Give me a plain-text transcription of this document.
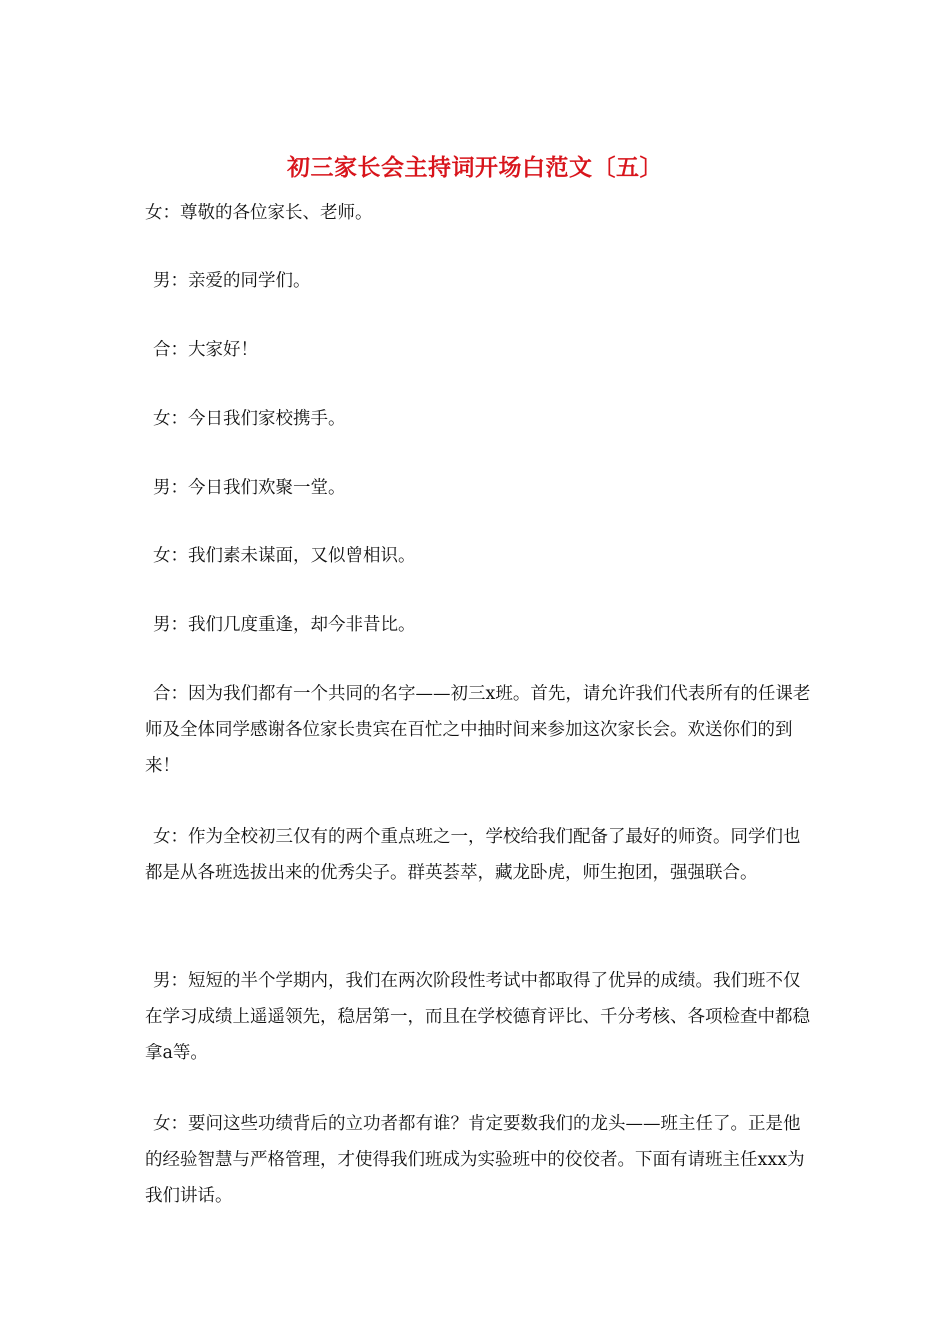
初三家长会主持词开场白范文〔五〕

女：尊敬的各位家长、老师。

男：亲爱的同学们。

合：大家好！

女：今日我们家校携手。

男：今日我们欢聚一堂。

女：我们素未谋面，又似曾相识。

男：我们几度重逢，却今非昔比。

合：因为我们都有一个共同的名字——初三x班。首先，请允许我们代表所有的任课老师及全体同学感谢各位家长贵宾在百忙之中抽时间来参加这次家长会。欢送你们的到来！

女：作为全校初三仅有的两个重点班之一，学校给我们配备了最好的师资。同学们也都是从各班选拔出来的优秀尖子。群英荟萃，藏龙卧虎，师生抱团，强强联合。

男：短短的半个学期内，我们在两次阶段性考试中都取得了优异的成绩。我们班不仅在学习成绩上遥遥领先，稳居第一，而且在学校德育评比、千分考核、各项检查中都稳拿a等。

女：要问这些功绩背后的立功者都有谁？肯定要数我们的龙头——班主任了。正是他的经验智慧与严格管理，才使得我们班成为实验班中的佼佼者。下面有请班主任xxx为我们讲话。
